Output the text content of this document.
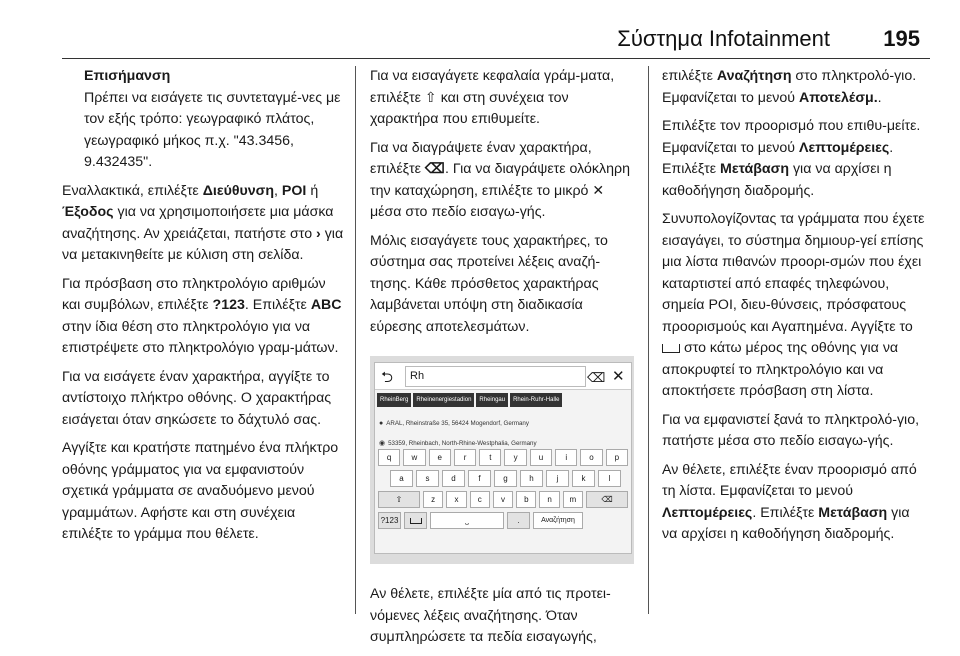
Σύστημα Infotainment 195

Επισήμανση
Πρέπει να εισάγετε τις συντεταγμέ-νες με τον εξής τρόπο: γεωγραφικό πλάτος, γεωγραφικό μήκος π.χ. "43.3456, 9.432435".

Εναλλακτικά, επιλέξτε Διεύθυνση, POI ή Έξοδος για να χρησιμοποιήσετε μια μάσκα αναζήτησης. Αν χρειάζεται, πατήστε στο › για να μετακινηθείτε με κύλιση στη σελίδα.

Για πρόσβαση στο πληκτρολόγιο αριθμών και συμβόλων, επιλέξτε ?123. Επιλέξτε ABC στην ίδια θέση στο πληκτρολόγιο για να επιστρέψετε στο πληκτρολόγιο γραμ-μάτων.

Για να εισάγετε έναν χαρακτήρα, αγγίξτε το αντίστοιχο πλήκτρο οθόνης. Ο χαρακτήρας εισάγεται όταν σηκώσετε το δάχτυλό σας.

Αγγίξτε και κρατήστε πατημένο ένα πλήκτρο οθόνης γράμματος για να εμφανιστούν σχετικά γράμματα σε αναδυόμενο μενού γραμμάτων. Αφήστε και στη συνέχεια επιλέξτε το γράμμα που θέλετε.

Για να εισαγάγετε κεφαλαία γράμ-ματα, επιλέξτε ⇧ και στη συνέχεια τον χαρακτήρα που επιθυμείτε.

Για να διαγράψετε έναν χαρακτήρα, επιλέξτε ⌫. Για να διαγράψετε ολόκληρη την καταχώρηση, επιλέξτε το μικρό ✕ μέσα στο πεδίο εισαγω-γής.

Μόλις εισαγάγετε τους χαρακτήρες, το σύστημα σας προτείνει λέξεις αναζή-τησης. Κάθε πρόσθετος χαρακτήρας λαμβάνεται υπόψη στη διαδικασία εύρεσης αποτελεσμάτων.

⮌	Rh	⌫ ✕
RheinBerg	Rheinenergiestadion	Rheingau	Rhein-Ruhr-Halle
● ARAL, Rheinstraße 35, 56424 Mogendorf, Germany
◉ 53359, Rheinbach, North-Rhine-Westphalia, Germany
q	w	e	r	t	y	u	i	o	p
a	s	d	f	g	h	j	k	l
⇧	z	x	c	v	b	n	m	⌫
?123	⎵	.	Αναζήτηση

Αν θέλετε, επιλέξτε μία από τις προτει-νόμενες λέξεις αναζήτησης. Όταν συμπληρώσετε τα πεδία εισαγωγής,

επιλέξτε Αναζήτηση στο πληκτρολό-γιο. Εμφανίζεται το μενού Αποτελέσμ..

Επιλέξτε τον προορισμό που επιθυ-μείτε. Εμφανίζεται το μενού Λεπτομέρειες. Επιλέξτε Μετάβαση για να αρχίσει η καθοδήγηση διαδρομής.

Συνυπολογίζοντας τα γράμματα που έχετε εισαγάγει, το σύστημα δημιουρ-γεί επίσης μια λίστα πιθανών προορι-σμών που έχει καταρτιστεί από επαφές τηλεφώνου, σημεία POI, διευ-θύνσεις, πρόσφατους προορισμούς και Αγαπημένα. Αγγίξτε το  στο κάτω μέρος της οθόνης για να αποκρυφτεί το πληκτρολόγιο και να αποκτήσετε πρόσβαση στη λίστα.

Για να εμφανιστεί ξανά το πληκτρολό-γιο, πατήστε μέσα στο πεδίο εισαγω-γής.

Αν θέλετε, επιλέξτε έναν προορισμό από τη λίστα. Εμφανίζεται το μενού Λεπτομέρειες. Επιλέξτε Μετάβαση για να αρχίσει η καθοδήγηση διαδρομής.
